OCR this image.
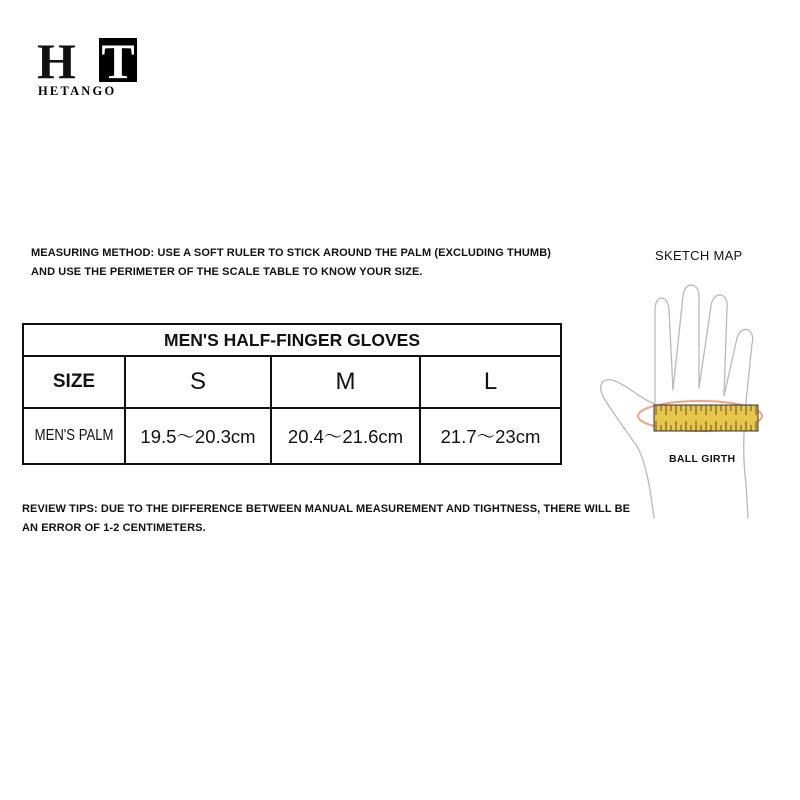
H T
HETANGO
MEASURING METHOD: USE A SOFT RULER TO STICK AROUND THE PALM (EXCLUDING THUMB) AND USE THE PERIMETER OF THE SCALE TABLE TO KNOW YOUR SIZE.
MEN'S HALF-FINGER GLOVES			
SIZE	S	M	L
MEN'S PALM	19.5～20.3cm	20.4～21.6cm	21.7～23cm
REVIEW TIPS: DUE TO THE DIFFERENCE BETWEEN MANUAL MEASUREMENT AND TIGHTNESS, THERE WILL BE AN ERROR OF 1-2 CENTIMETERS.
SKETCH MAP
BALL GIRTH
